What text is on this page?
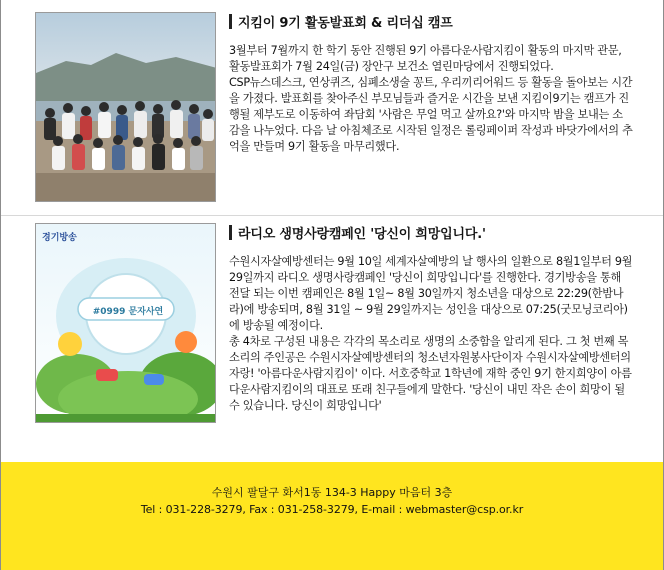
지킴이 9기 활동발표회 & 리더십 캠프

3월부터 7월까지 한 학기 동안 진행된 9기 아름다운사람지킴이 활동의 마지막 관문, 활동발표회가 7월 24일(금) 장안구 보건소 열린마당에서 진행되었다.

CSP뉴스데스크, 연상퀴즈, 심폐소생술 꽁트, 우리끼리어워드 등 활동을 돌아보는 시간을 가졌다. 발표회를 찾아주신 부모님들과 즐거운 시간을 보낸 지킴이9기는 캠프가 진행될 제부도로 이동하여 좌담회 '사람은 무얼 먹고 살까요?'와 마지막 밤을 보내는 소감을 나누었다. 다음 날 아침체조로 시작된 일정은 롤링페이퍼 작성과 바닷가에서의 추억을 만들며 9기 활동을 마무리했다.

경기방송
#0999 문자사연
라디오 생명사랑캠페인 '당신이 희망입니다.'

수원시자살예방센터는 9월 10일 세계자살예방의 날 행사의 일환으로 8월1일부터 9월 29일까지 라디오 생명사랑캠페인 '당신이 희망입니다'를 진행한다. 경기방송을 통해 전달 되는 이번 캠페인은 8월 1일~ 8월 30일까지 청소년을 대상으로 22:29(한밤나라)에 방송되며, 8월 31일 ~ 9월 29일까지는 성인을 대상으로 07:25(굿모닝코리아)에 방송될 예정이다.

총 4차로 구성된 내용은 각각의 목소리로 생명의 소중함을 알리게 된다. 그 첫 번째 목소리의 주인공은 수원시자살예방센터의 청소년자원봉사단이자 수원시자살예방센터의 자랑! '아름다운사람지킴이' 이다. 서호중학교 1학년에 재학 중인 9기 한지희양이 아름다운사람지킴이의 대표로 또래 친구들에게 말한다. '당신이 내민 작은 손이 희망이 될 수 있습니다. 당신이 희망입니다'

수원시 팔달구 화서1동 134-3 Happy 마음터 3층
Tel : 031-228-3279, Fax : 031-258-3279, E-mail : webmaster@csp.or.kr
